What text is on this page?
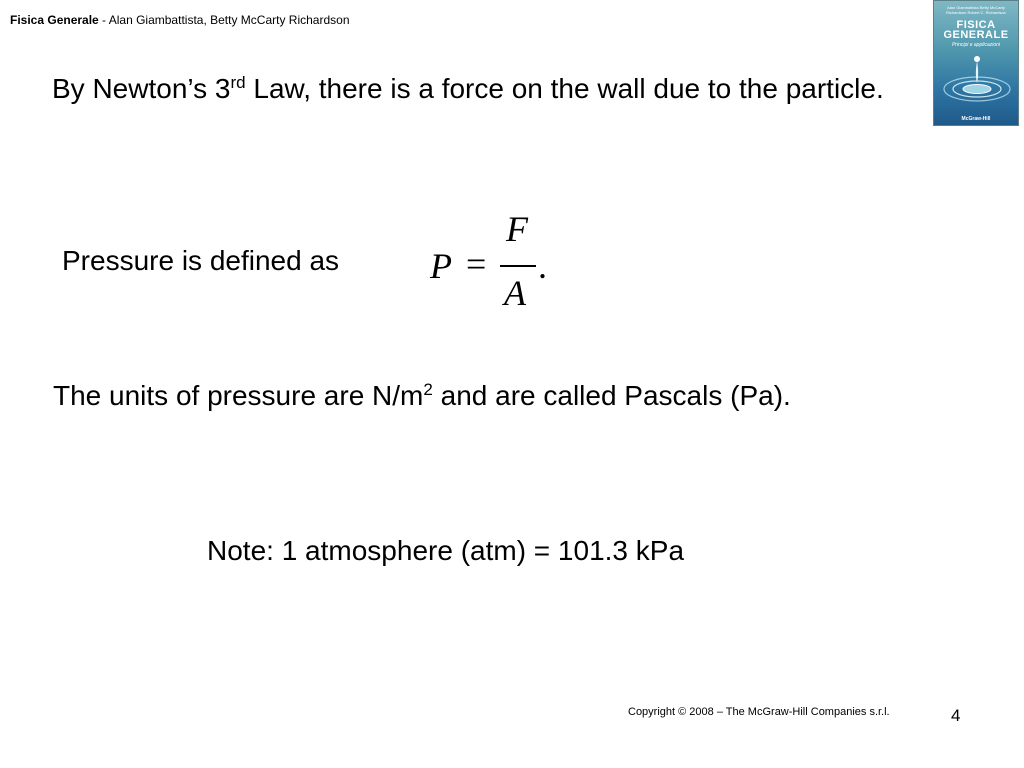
Fisica Generale - Alan Giambattista, Betty McCarty Richardson
Alan Giambattista Betty McCarty Richardson Robert C. Richardson
FISICA
GENERALE
Principi e applicazioni
McGraw-Hill
By Newton’s 3rd Law, there is a force on the wall due to the particle.
Pressure is defined as	P =
F
A
.
The units of pressure are $N/m^2$ and are called Pascals (Pa).
Note: 1 atmosphere (atm) = 101.3 kPa
Copyright © 2008 – The McGraw-Hill Companies s.r.l.	4
